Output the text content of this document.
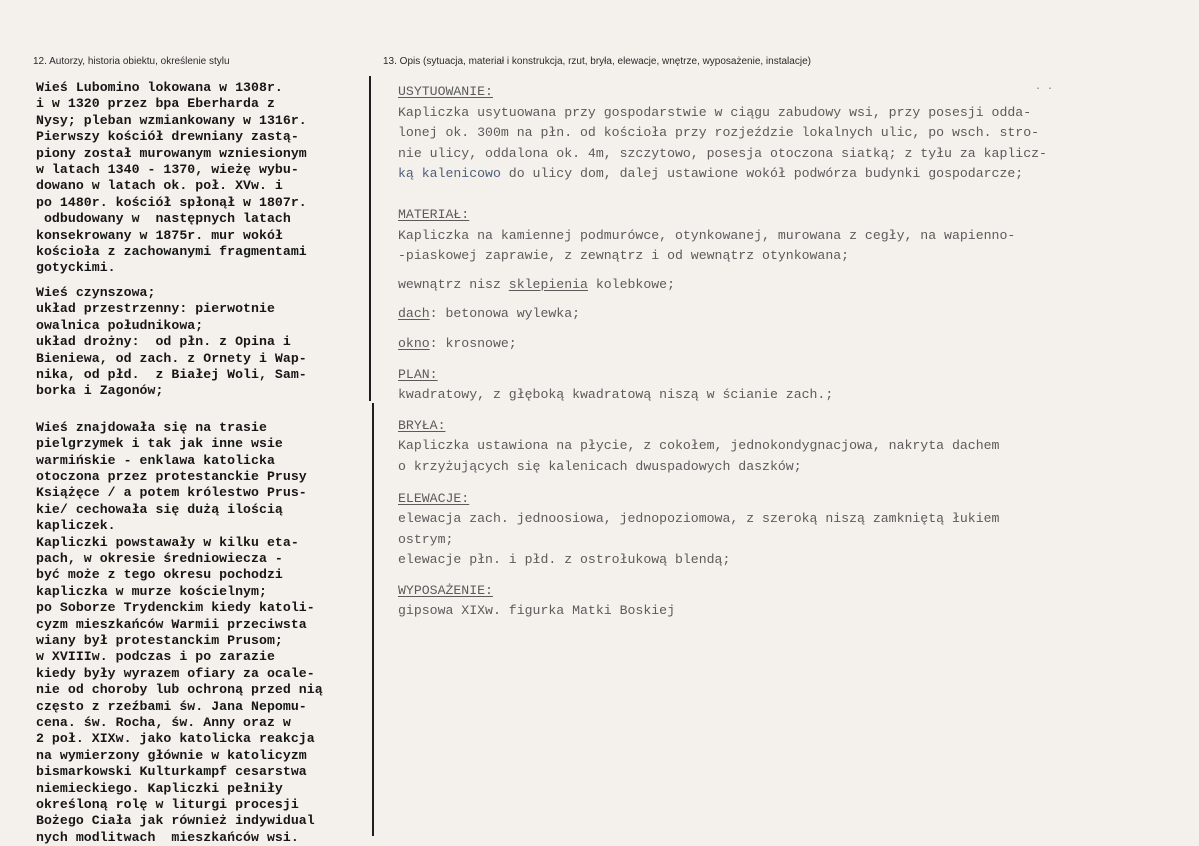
12. Autorzy, historia obiektu, określenie stylu	13. Opis (sytuacja, materiał i konstrukcja, rzut, bryła, elewacje, wnętrze, wyposażenie, instalacje)
· ·
Wieś Lubomino lokowana w 1308r.
i w 1320 przez bpa Eberharda z
Nysy; pleban wzmiankowany w 1316r.
Pierwszy kościół drewniany zastą-
piony został murowanym wzniesionym
w latach 1340 - 1370, wieżę wybu-
dowano w latach ok. poł. XVw. i
po 1480r. kościół spłonął w 1807r.
odbudowany w  następnych latach
konsekrowany w 1875r. mur wokół
kościoła z zachowanymi fragmentami
gotyckimi.
Wieś czynszowa;
układ przestrzenny: pierwotnie
owalnica południkowa;
układ drożny:  od płn. z Opina i
Bieniewa, od zach. z Ornety i Wap-
nika, od płd.  z Białej Woli, Sam-
borka i Zagonów;
Wieś znajdowała się na trasie
pielgrzymek i tak jak inne wsie
warmińskie - enklawa katolicka
otoczona przez protestanckie Prusy
Książęce / a potem królestwo Prus-
kie/ cechowała się dużą ilością
kapliczek.
Kapliczki powstawały w kilku eta-
pach, w okresie średniowiecza -
być może z tego okresu pochodzi
kapliczka w murze kościelnym;
po Soborze Trydenckim kiedy katoli-
cyzm mieszkańców Warmii przeciwsta
wiany był protestanckim Prusom;
w XVIIIw. podczas i po zarazie
kiedy były wyrazem ofiary za ocale-
nie od choroby lub ochroną przed nią
często z rzeźbami św. Jana Nepomu-
cena. św. Rocha, św. Anny oraz w
2 poł. XIXw. jako katolicka reakcja
na wymierzony głównie w katolicyzm
bismarkowski Kulturkampf cesarstwa
niemieckiego. Kapliczki pełniły
określoną rolę w liturgi procesji
Bożego Ciała jak również indywidual
nych modlitwach  mieszkańców wsi.
USYTUOWANIE:
Kapliczka usytuowana przy gospodarstwie w ciągu zabudowy wsi, przy posesji odda-
lonej ok. 300m na płn. od kościoła przy rozjeździe lokalnych ulic, po wsch. stro-
nie ulicy, oddalona ok. 4m, szczytowo, posesja otoczona siatką; z tyłu za kaplicz-
ką kalenicowo do ulicy dom, dalej ustawione wokół podwórza budynki gospodarcze;
MATERIAŁ:
Kapliczka na kamiennej podmurówce, otynkowanej, murowana z cegły, na wapienno-
-piaskowej zaprawie, z zewnątrz i od wewnątrz otynkowana;
wewnątrz nisz sklepienia kolebkowe;
dach: betonowa wylewka;
okno: krosnowe;
PLAN:
kwadratowy, z głęboką kwadratową niszą w ścianie zach.;
BRYŁA:
Kapliczka ustawiona na płycie, z cokołem, jednokondygnacjowa, nakryta dachem
o krzyżujących się kalenicach dwuspadowych daszków;
ELEWACJE:
elewacja zach. jednoosiowa, jednopoziomowa, z szeroką niszą zamkniętą łukiem
ostrym;
elewacje płn. i płd. z ostrołukową blendą;
WYPOSAŻENIE:
gipsowa XIXw. figurka Matki Boskiej
